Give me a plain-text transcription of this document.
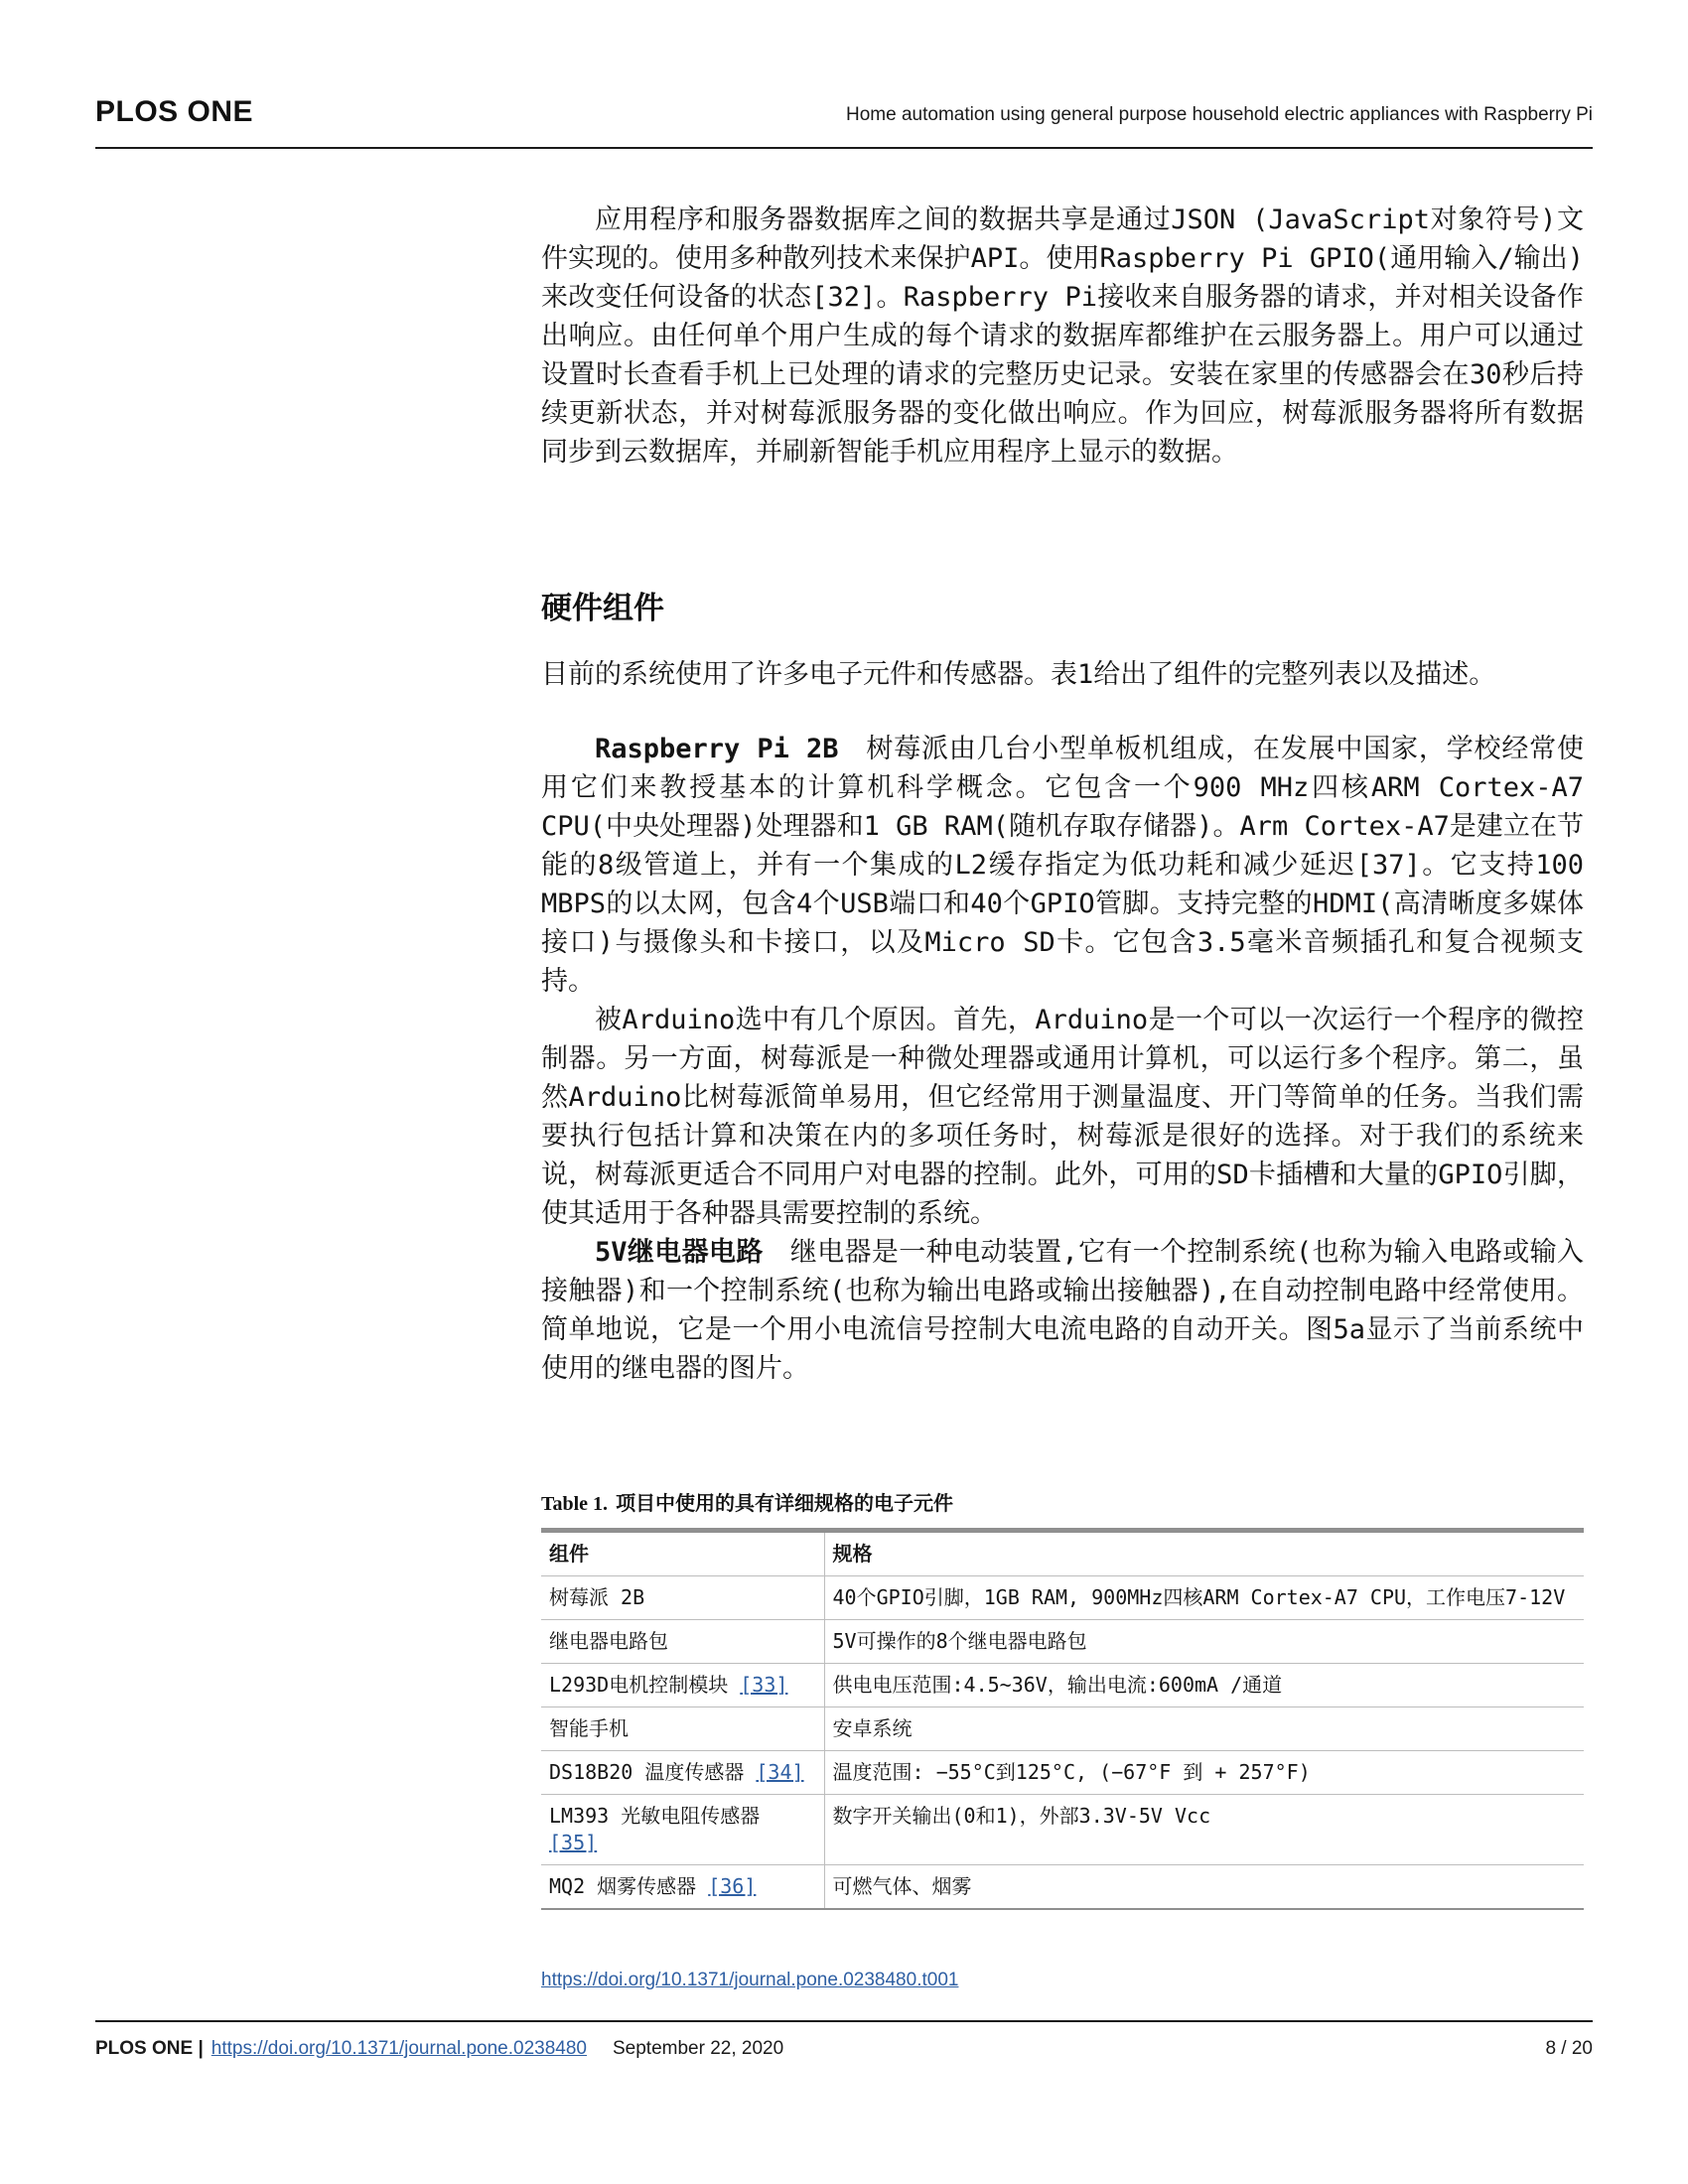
PLOS ONE	Home automation using general purpose household electric appliances with Raspberry Pi

应用程序和服务器数据库之间的数据共享是通过JSON (JavaScript对象符号)文件实现的。使用多种散列技术来保护API。使用Raspberry Pi GPIO(通用输入/输出)来改变任何设备的状态[32]。Raspberry Pi接收来自服务器的请求，并对相关设备作出响应。由任何单个用户生成的每个请求的数据库都维护在云服务器上。用户可以通过设置时长查看手机上已处理的请求的完整历史记录。安装在家里的传感器会在30秒后持续更新状态，并对树莓派服务器的变化做出响应。作为回应，树莓派服务器将所有数据同步到云数据库，并刷新智能手机应用程序上显示的数据。

硬件组件

目前的系统使用了许多电子元件和传感器。表1给出了组件的完整列表以及描述。

Raspberry Pi 2B 树莓派由几台小型单板机组成，在发展中国家，学校经常使用它们来教授基本的计算机科学概念。它包含一个900 MHz四核ARM Cortex-A7 CPU(中央处理器)处理器和1 GB RAM(随机存取存储器)。Arm Cortex-A7是建立在节能的8级管道上，并有一个集成的L2缓存指定为低功耗和减少延迟[37]。它支持100 MBPS的以太网，包含4个USB端口和40个GPIO管脚。支持完整的HDMI(高清晰度多媒体接口)与摄像头和卡接口，以及Micro SD卡。它包含3.5毫米音频插孔和复合视频支持。

被Arduino选中有几个原因。首先，Arduino是一个可以一次运行一个程序的微控制器。另一方面，树莓派是一种微处理器或通用计算机，可以运行多个程序。第二，虽然Arduino比树莓派简单易用，但它经常用于测量温度、开门等简单的任务。当我们需要执行包括计算和决策在内的多项任务时，树莓派是很好的选择。对于我们的系统来说，树莓派更适合不同用户对电器的控制。此外，可用的SD卡插槽和大量的GPIO引脚，使其适用于各种器具需要控制的系统。

5V继电器电路 继电器是一种电动装置,它有一个控制系统(也称为输入电路或输入接触器)和一个控制系统(也称为输出电路或输出接触器),在自动控制电路中经常使用。简单地说，它是一个用小电流信号控制大电流电路的自动开关。图5a显示了当前系统中使用的继电器的图片。

Table 1. 项目中使用的具有详细规格的电子元件
组件	规格
树莓派 2B	40个GPIO引脚，1GB RAM, 900MHz四核ARM Cortex-A7 CPU，工作电压7-12V
继电器电路包	5V可操作的8个继电器电路包
L293D电机控制模块 [33]	供电电压范围:4.5~36V，输出电流:600mA /通道
智能手机	安卓系统
DS18B20 温度传感器 [34]	温度范围: −55°C到125°C, (−67°F 到 + 257°F)
LM393 光敏电阻传感器 [35]	数字开关输出(0和1)，外部3.3V-5V Vcc
MQ2 烟雾传感器 [36]	可燃气体、烟雾
https://doi.org/10.1371/journal.pone.0238480.t001
PLOS ONE | https://doi.org/10.1371/journal.pone.0238480 September 22, 2020	8 / 20
